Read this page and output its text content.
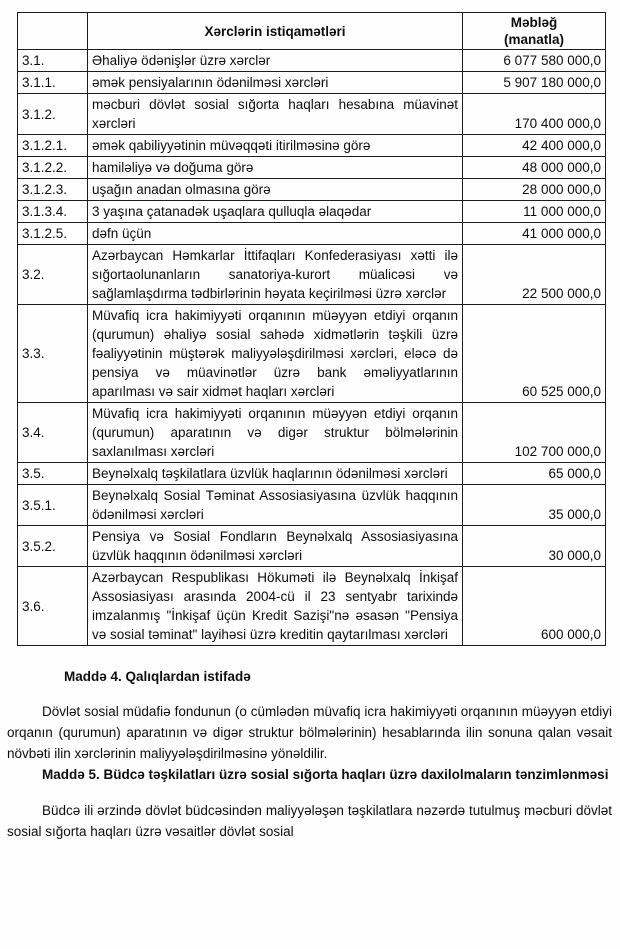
	Xərclərin istiqamətləri	Məbləğ
(manatla)
3.1.	Əhaliyə ödənişlər üzrə xərclər	6 077 580 000,0
3.1.1.	əmək pensiyalarının ödənilməsi xərcləri	5 907 180 000,0
3.1.2.	məcburi dövlət sosial sığorta haqları hesabına müavinət xərcləri	170 400 000,0
3.1.2.1.	əmək qabiliyyətinin müvəqqəti itirilməsinə görə	42 400 000,0
3.1.2.2.	hamiləliyə və doğuma görə	48 000 000,0
3.1.2.3.	uşağın anadan olmasına görə	28 000 000,0
3.1.3.4.	3 yaşına çatanadək uşaqlara qulluqla əlaqədar	11 000 000,0
3.1.2.5.	dəfn üçün	41 000 000,0
3.2.	Azərbaycan Həmkarlar İttifaqları Konfederasiyası xətti ilə sığortaolunanların sanatoriya-kurort müalicəsi və sağlamlaşdırma tədbirlərinin həyata keçirilməsi üzrə xərclər	22 500 000,0
3.3.	Müvafiq icra hakimiyyəti orqanının müəyyən etdiyi orqanın (qurumun) əhaliyə sosial sahədə xidmətlərin təşkili üzrə fəaliyyətinin müştərək maliyyələşdirilməsi xərcləri, eləcə də pensiya və müavinətlər üzrə bank əməliyyatlarının aparılması və sair xidmət haqları xərcləri	60 525 000,0
3.4.	Müvafiq icra hakimiyyəti orqanının müəyyən etdiyi orqanın (qurumun) aparatının və digər struktur bölmələrinin saxlanılması xərcləri	102 700 000,0
3.5.	Beynəlxalq təşkilatlara üzvlük haqlarının ödənilməsi xərcləri	65 000,0
3.5.1.	Beynəlxalq Sosial Təminat Assosiasiyasına üzvlük haqqının ödənilməsi xərcləri	35 000,0
3.5.2.	Pensiya və Sosial Fondların Beynəlxalq Assosiasiyasına üzvlük haqqının ödənilməsi xərcləri	30 000,0
3.6.	Azərbaycan Respublikası Hökuməti ilə Beynəlxalq İnkişaf Assosiasiyası arasında 2004-cü il 23 sentyabr tarixində imzalanmış "İnkişaf üçün Kredit Sazişi"nə əsasən "Pensiya və sosial təminat" layihəsi üzrə kreditin qaytarılması xərcləri	600 000,0

Maddə 4. Qalıqlardan istifadə

Dövlət sosial müdafiə fondunun (o cümlədən müvafiq icra hakimiyyəti orqanının müəyyən etdiyi orqanın (qurumun) aparatının və digər struktur bölmələrinin) hesablarında ilin sonuna qalan vəsait növbəti ilin xərclərinin maliyyələşdirilməsinə yönəldilir.

Maddə 5. Büdcə təşkilatları üzrə sosial sığorta haqları üzrə daxilolmaların tənzimlənməsi

Büdcə ili ərzində dövlət büdcəsindən maliyyələşən təşkilatlara nəzərdə tutulmuş məcburi dövlət sosial sığorta haqları üzrə vəsaitlər dövlət sosial
